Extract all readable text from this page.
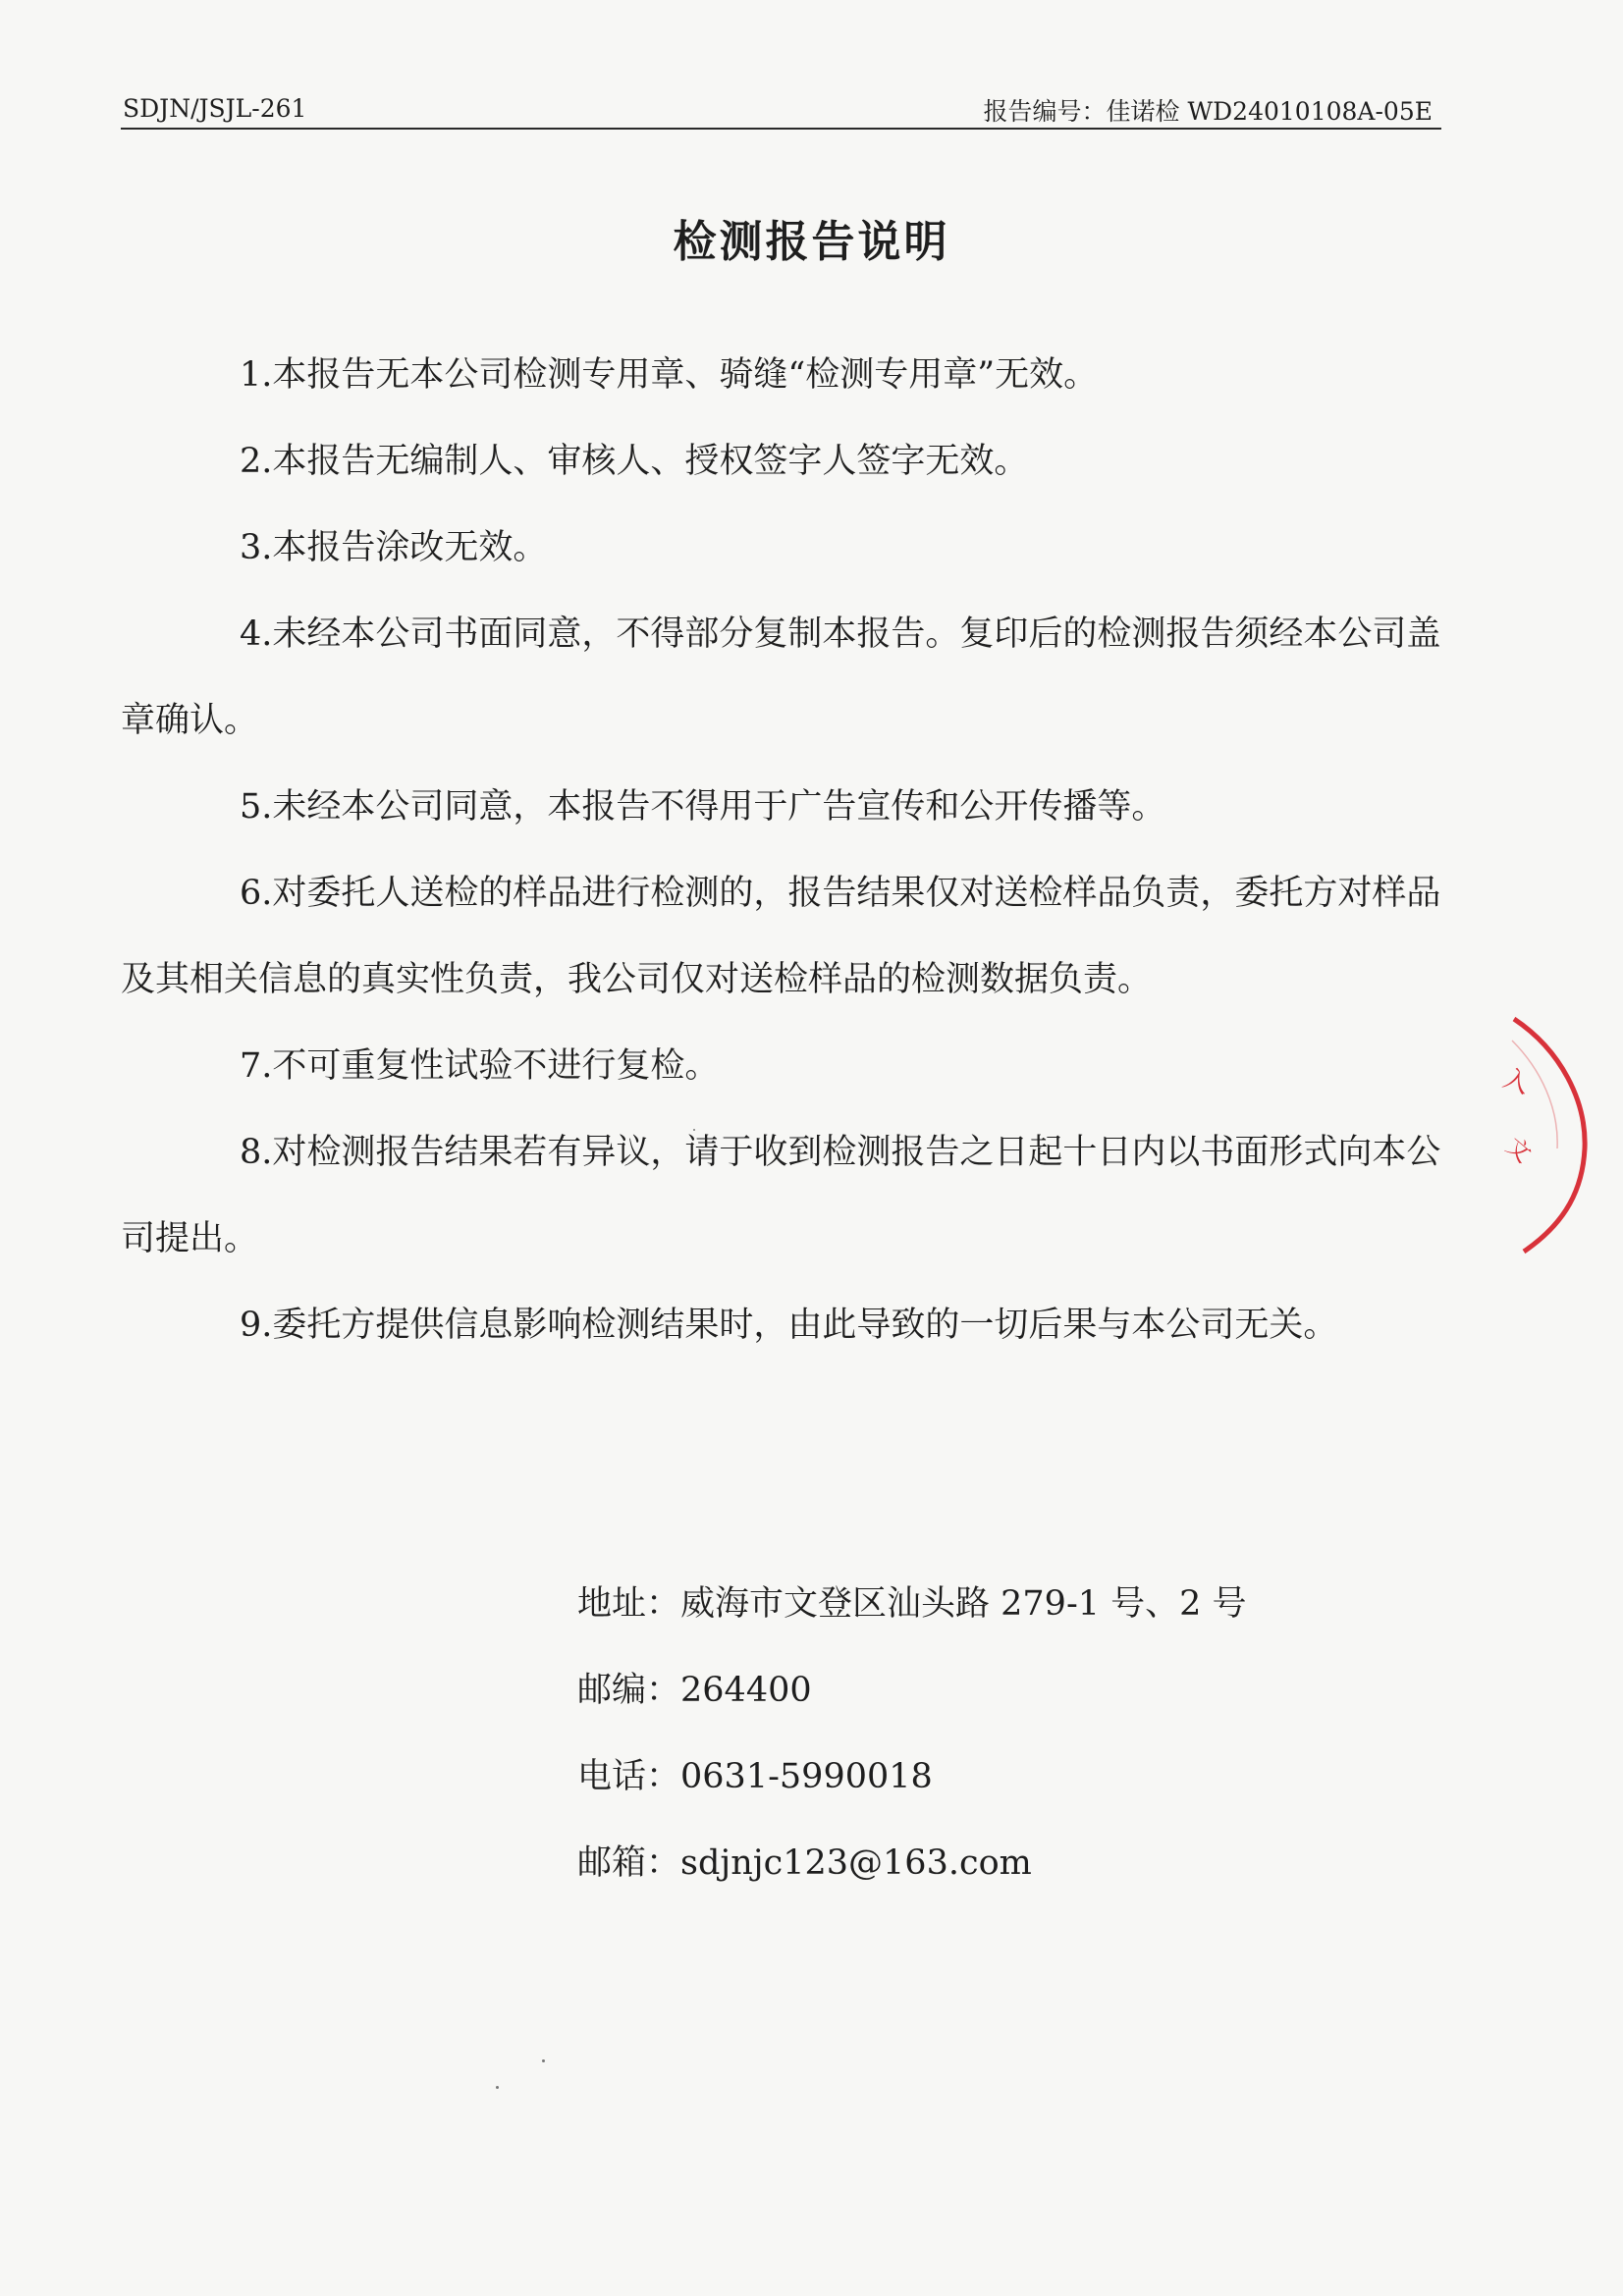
SDJN/JSJL-261	报告编号：佳诺检 WD24010108A-05E
检测报告说明
1.本报告无本公司检测专用章、骑缝“检测专用章”无效。
2.本报告无编制人、审核人、授权签字人签字无效。
3.本报告涂改无效。
4.未经本公司书面同意，不得部分复制本报告。复印后的检测报告须经本公司盖章确认。
5.未经本公司同意，本报告不得用于广告宣传和公开传播等。
6.对委托人送检的样品进行检测的，报告结果仅对送检样品负责，委托方对样品及其相关信息的真实性负责，我公司仅对送检样品的检测数据负责。
7.不可重复性试验不进行复检。
8.对检测报告结果若有异议，请于收到检测报告之日起十日内以书面形式向本公司提出。
9.委托方提供信息影响检测结果时，由此导致的一切后果与本公司无关。
地址：威海市文登区汕头路 279-1 号、2 号
邮编：264400
电话：0631-5990018
邮箱：sdjnjc123@163.com
入
文
